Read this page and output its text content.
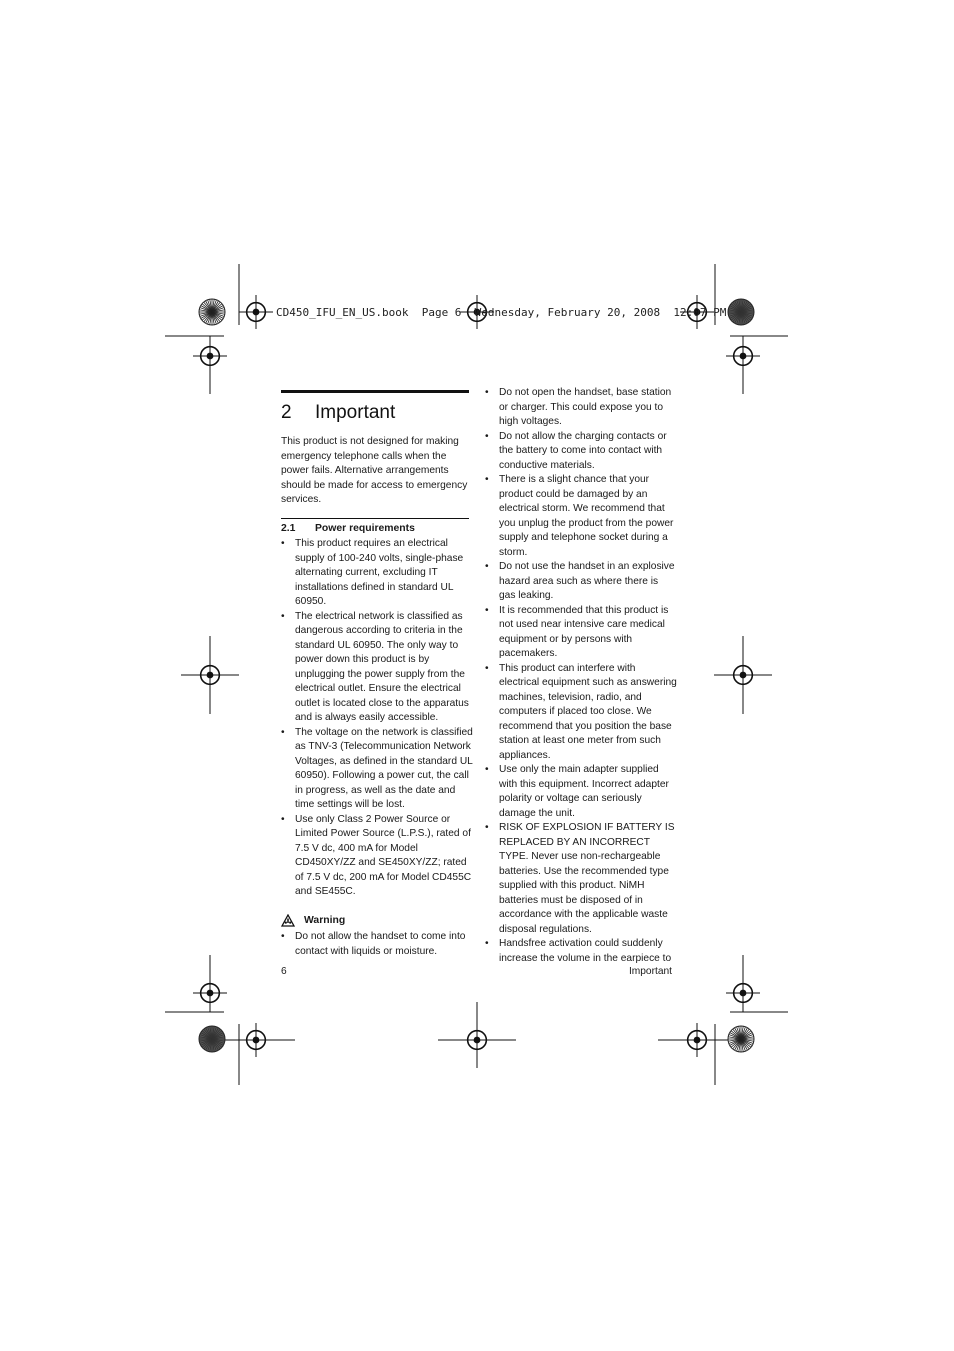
CD450_IFU_EN_US.book  Page 6  Wednesday, February 20, 2008  12:07 PM
2 Important

This product is not designed for making emergency telephone calls when the power fails. Alternative arrangements should be made for access to emergency services.

2.1 Power requirements
• This product requires an electrical supply of 100-240 volts, single-phase alternating current, excluding IT installations defined in standard UL 60950.
• The electrical network is classified as dangerous according to criteria in the standard UL 60950. The only way to power down this product is by unplugging the power supply from the electrical outlet. Ensure the electrical outlet is located close to the apparatus and is always easily accessible.
• The voltage on the network is classified as TNV-3 (Telecommunication Network Voltages, as defined in the standard UL 60950). Following a power cut, the call in progress, as well as the date and time settings will be lost.
• Use only Class 2 Power Source or Limited Power Source (L.P.S.), rated of 7.5 V dc, 400 mA for Model CD450XY/ZZ and SE450XY/ZZ; rated of 7.5 V dc, 200 mA for Model CD455C and SE455C.
Warning
• Do not allow the handset to come into contact with liquids or moisture.
• Do not open the handset, base station or charger. This could expose you to high voltages.
• Do not allow the charging contacts or the battery to come into contact with conductive materials.
• There is a slight chance that your product could be damaged by an electrical storm. We recommend that you unplug the product from the power supply and telephone socket during a storm.
• Do not use the handset in an explosive hazard area such as where there is gas leaking.
• It is recommended that this product is not used near intensive care medical equipment or by persons with pacemakers.
• This product can interfere with electrical equipment such as answering machines, television, radio, and computers if placed too close. We recommend that you position the base station at least one meter from such appliances.
• Use only the main adapter supplied with this equipment. Incorrect adapter polarity or voltage can seriously damage the unit.
• RISK OF EXPLOSION IF BATTERY IS REPLACED BY AN INCORRECT TYPE. Never use non-rechargeable batteries. Use the recommended type supplied with this product. NiMH batteries must be disposed of in accordance with the applicable waste disposal regulations.
• Handsfree activation could suddenly increase the volume in the earpiece to
6	Important
